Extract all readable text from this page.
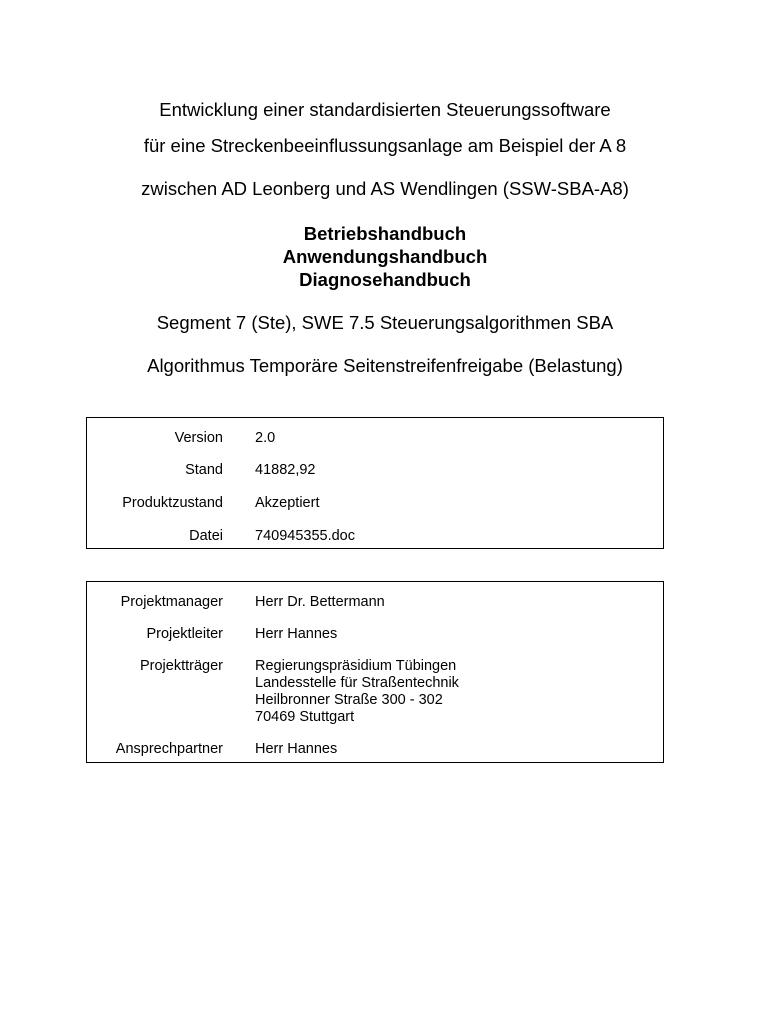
Entwicklung einer standardisierten Steuerungssoftware
für eine Streckenbeeinflussungsanlage am Beispiel der A 8
zwischen AD Leonberg und AS Wendlingen (SSW-SBA-A8)
Betriebshandbuch
Anwendungshandbuch
Diagnosehandbuch
Segment 7 (Ste), SWE 7.5 Steuerungsalgorithmen SBA
Algorithmus Temporäre Seitenstreifenfreigabe (Belastung)
Version 2.0
Stand 41882,92
Produktzustand Akzeptiert
Datei 740945355.doc
Projektmanager Herr Dr. Bettermann
Projektleiter Herr Hannes
Projektträger Regierungspräsidium Tübingen
Landesstelle für Straßentechnik
Heilbronner Straße 300 - 302
70469 Stuttgart
Ansprechpartner Herr Hannes
